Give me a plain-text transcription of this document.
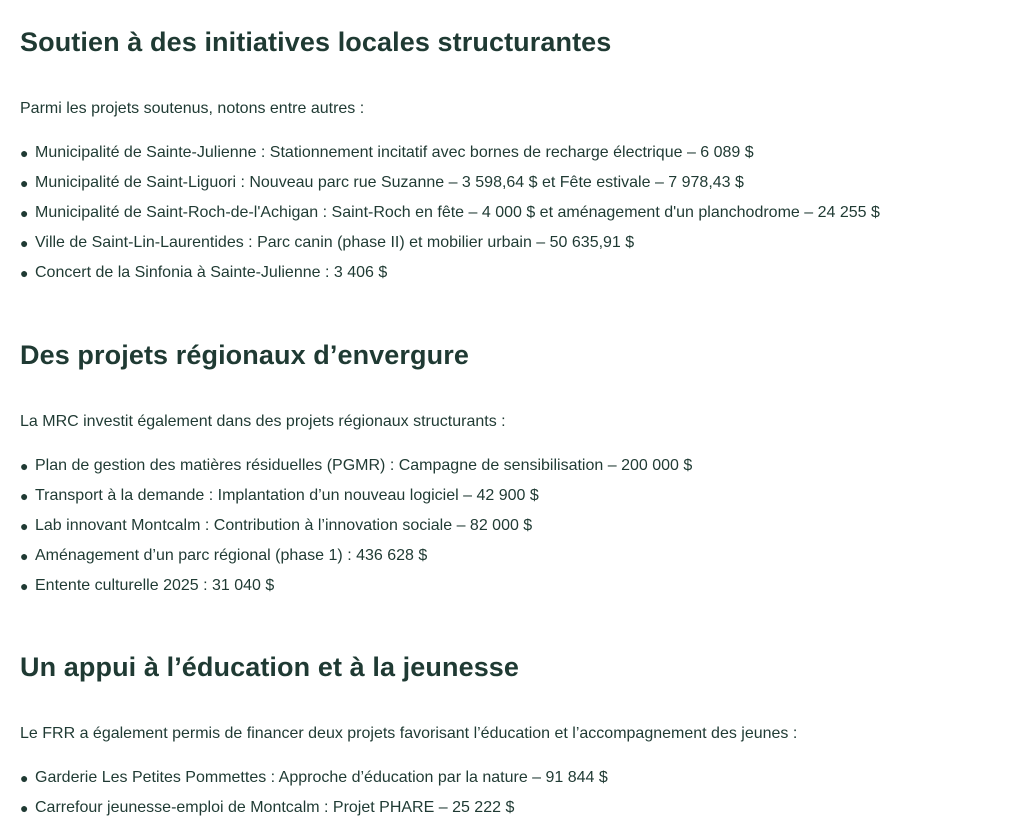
Soutien à des initiatives locales structurantes

Parmi les projets soutenus, notons entre autres :

● Municipalité de Sainte-Julienne : Stationnement incitatif avec bornes de recharge électrique – 6 089 $
● Municipalité de Saint-Liguori : Nouveau parc rue Suzanne – 3 598,64 $ et Fête estivale – 7 978,43 $
● Municipalité de Saint-Roch-de-l'Achigan : Saint-Roch en fête – 4 000 $ et aménagement d'un planchodrome – 24 255 $
● Ville de Saint-Lin-Laurentides : Parc canin (phase II) et mobilier urbain – 50 635,91 $
● Concert de la Sinfonia à Sainte-Julienne : 3 406 $
Des projets régionaux d’envergure

La MRC investit également dans des projets régionaux structurants :

● Plan de gestion des matières résiduelles (PGMR) : Campagne de sensibilisation – 200 000 $
● Transport à la demande : Implantation d’un nouveau logiciel – 42 900 $
● Lab innovant Montcalm : Contribution à l’innovation sociale – 82 000 $
● Aménagement d’un parc régional (phase 1) : 436 628 $
● Entente culturelle 2025 : 31 040 $
Un appui à l’éducation et à la jeunesse

Le FRR a également permis de financer deux projets favorisant l’éducation et l’accompagnement des jeunes :

● Garderie Les Petites Pommettes : Approche d’éducation par la nature – 91 844 $
● Carrefour jeunesse-emploi de Montcalm : Projet PHARE – 25 222 $
